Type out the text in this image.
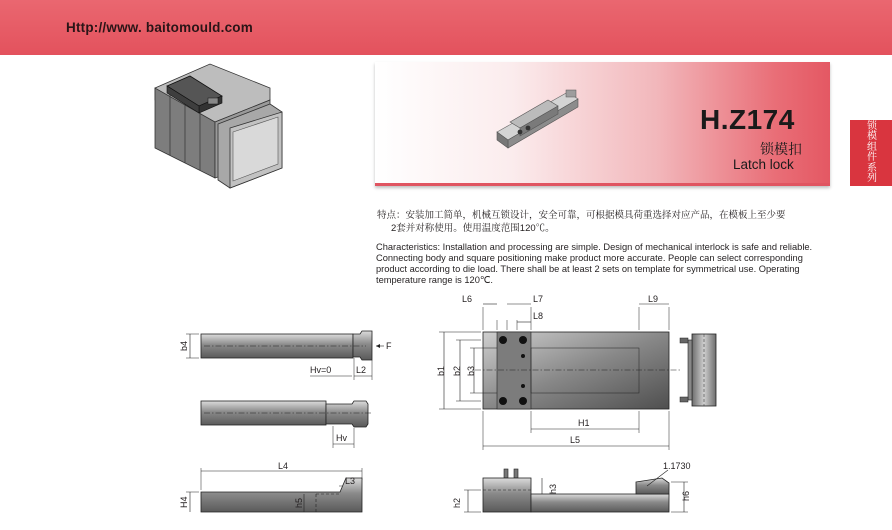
Http://www. baitomould.com
锁模组件系列
H.Z174
锁模扣
Latch lock
特点：安装加工简单，机械互锁设计，安全可靠，可根据模具荷重选择对应产品，在模板上至少要
2套并对称使用。使用温度范围120℃。
Characteristics: Installation and processing are simple. Design of mechanical interlock is safe and reliable. Connecting body and square positioning make product more accurate. People can select corresponding product according to die load. There shall be at least 2 sets on template for symmetrical use. Operating temperature range is 120℃.
b4	F
Hv=0	L2
Hv
L4
L3
H4	h5
L6	L7
L8
L9
b1 b2 b3
H1
L5
1.1730
h2
h3
h6
